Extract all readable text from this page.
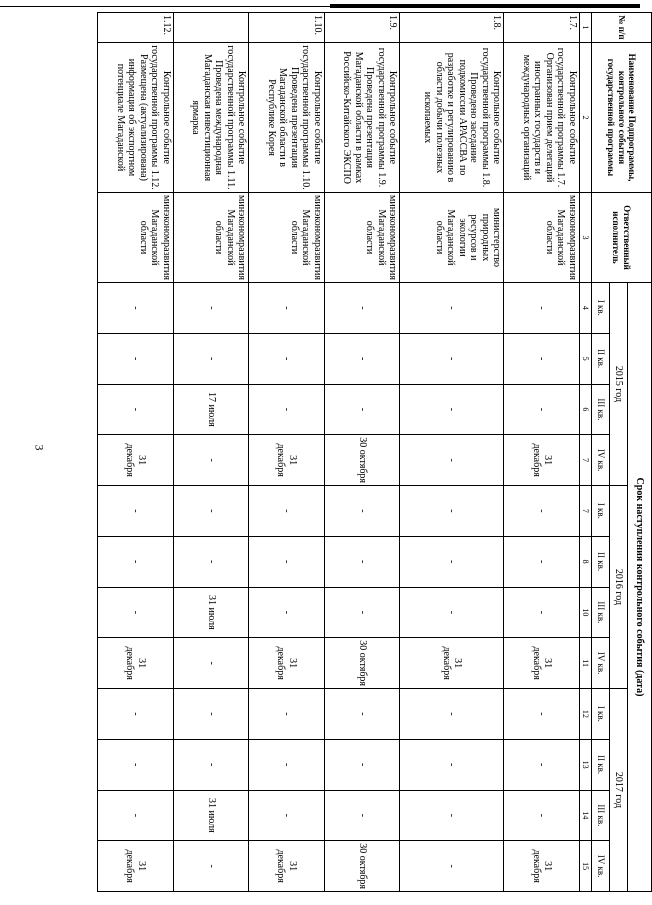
3
№ п/п	Наименование Подпрограммы, контрольного события государственной программы	Ответственный исполнитель	Срок наступления контрольного события (дата)											
			2015 год				2016 год				2017 год			
			I кв.	II кв.	III кв.	IV кв.	I кв.	II кв.	III кв.	IV кв.	I кв.	II кв.	III кв.	IV кв.
1	2	3	4	5	6	7	7	8	10	11	12	13	14	15
1.7.	Контрольное событие государственной программы 1.7. Организован прием делегаций иностранных государств и международных организаций	минэкономразвития Магаданской области	-	-	-	31 декабря	-	-	-	31 декабря	-	-	-	31 декабря
1.8.	Контрольное событие государственной программы 1.8. Проведено заседание подкомиссии АРАССВА по разработке и регулированию в области добычи полезных ископаемых	министерство природных ресурсов и экологии Магаданской области	-	-	-	-	-	-	-	31 декабря	-	-	-	-
1.9.	Контрольное событие государственной программы 1.9. Проведена презентация Магаданской области в рамках Российско-Китайского ЭКСПО	минэкономразвития Магаданской области	-	-	-	30 октября	-	-	-	30 октября	-	-	-	30 октября
1.10.	Контрольное событие государственной программы 1.10. Проведена презентация Магаданской области в Республике Корея	минэкономразвития Магаданской области	-	-	-	31 декабря	-	-	-	31 декабря	-	-	-	31 декабря
	Контрольное событие государственной программы 1.11. Проведена международная Магаданская инвестиционная ярмарка	минэкономразвития Магаданской области	-	-	17 июля	-	-	-	31 июля	-	-	-	31 июля	-
1.12.	Контрольное событие государственной программы 1.12. Размещена (актуализирована) информация об экспортном потенциале Магаданской	минэкономразвития Магаданской области	-	-	-	31 декабря	-	-	-	31 декабря	-	-	-	31 декабря
